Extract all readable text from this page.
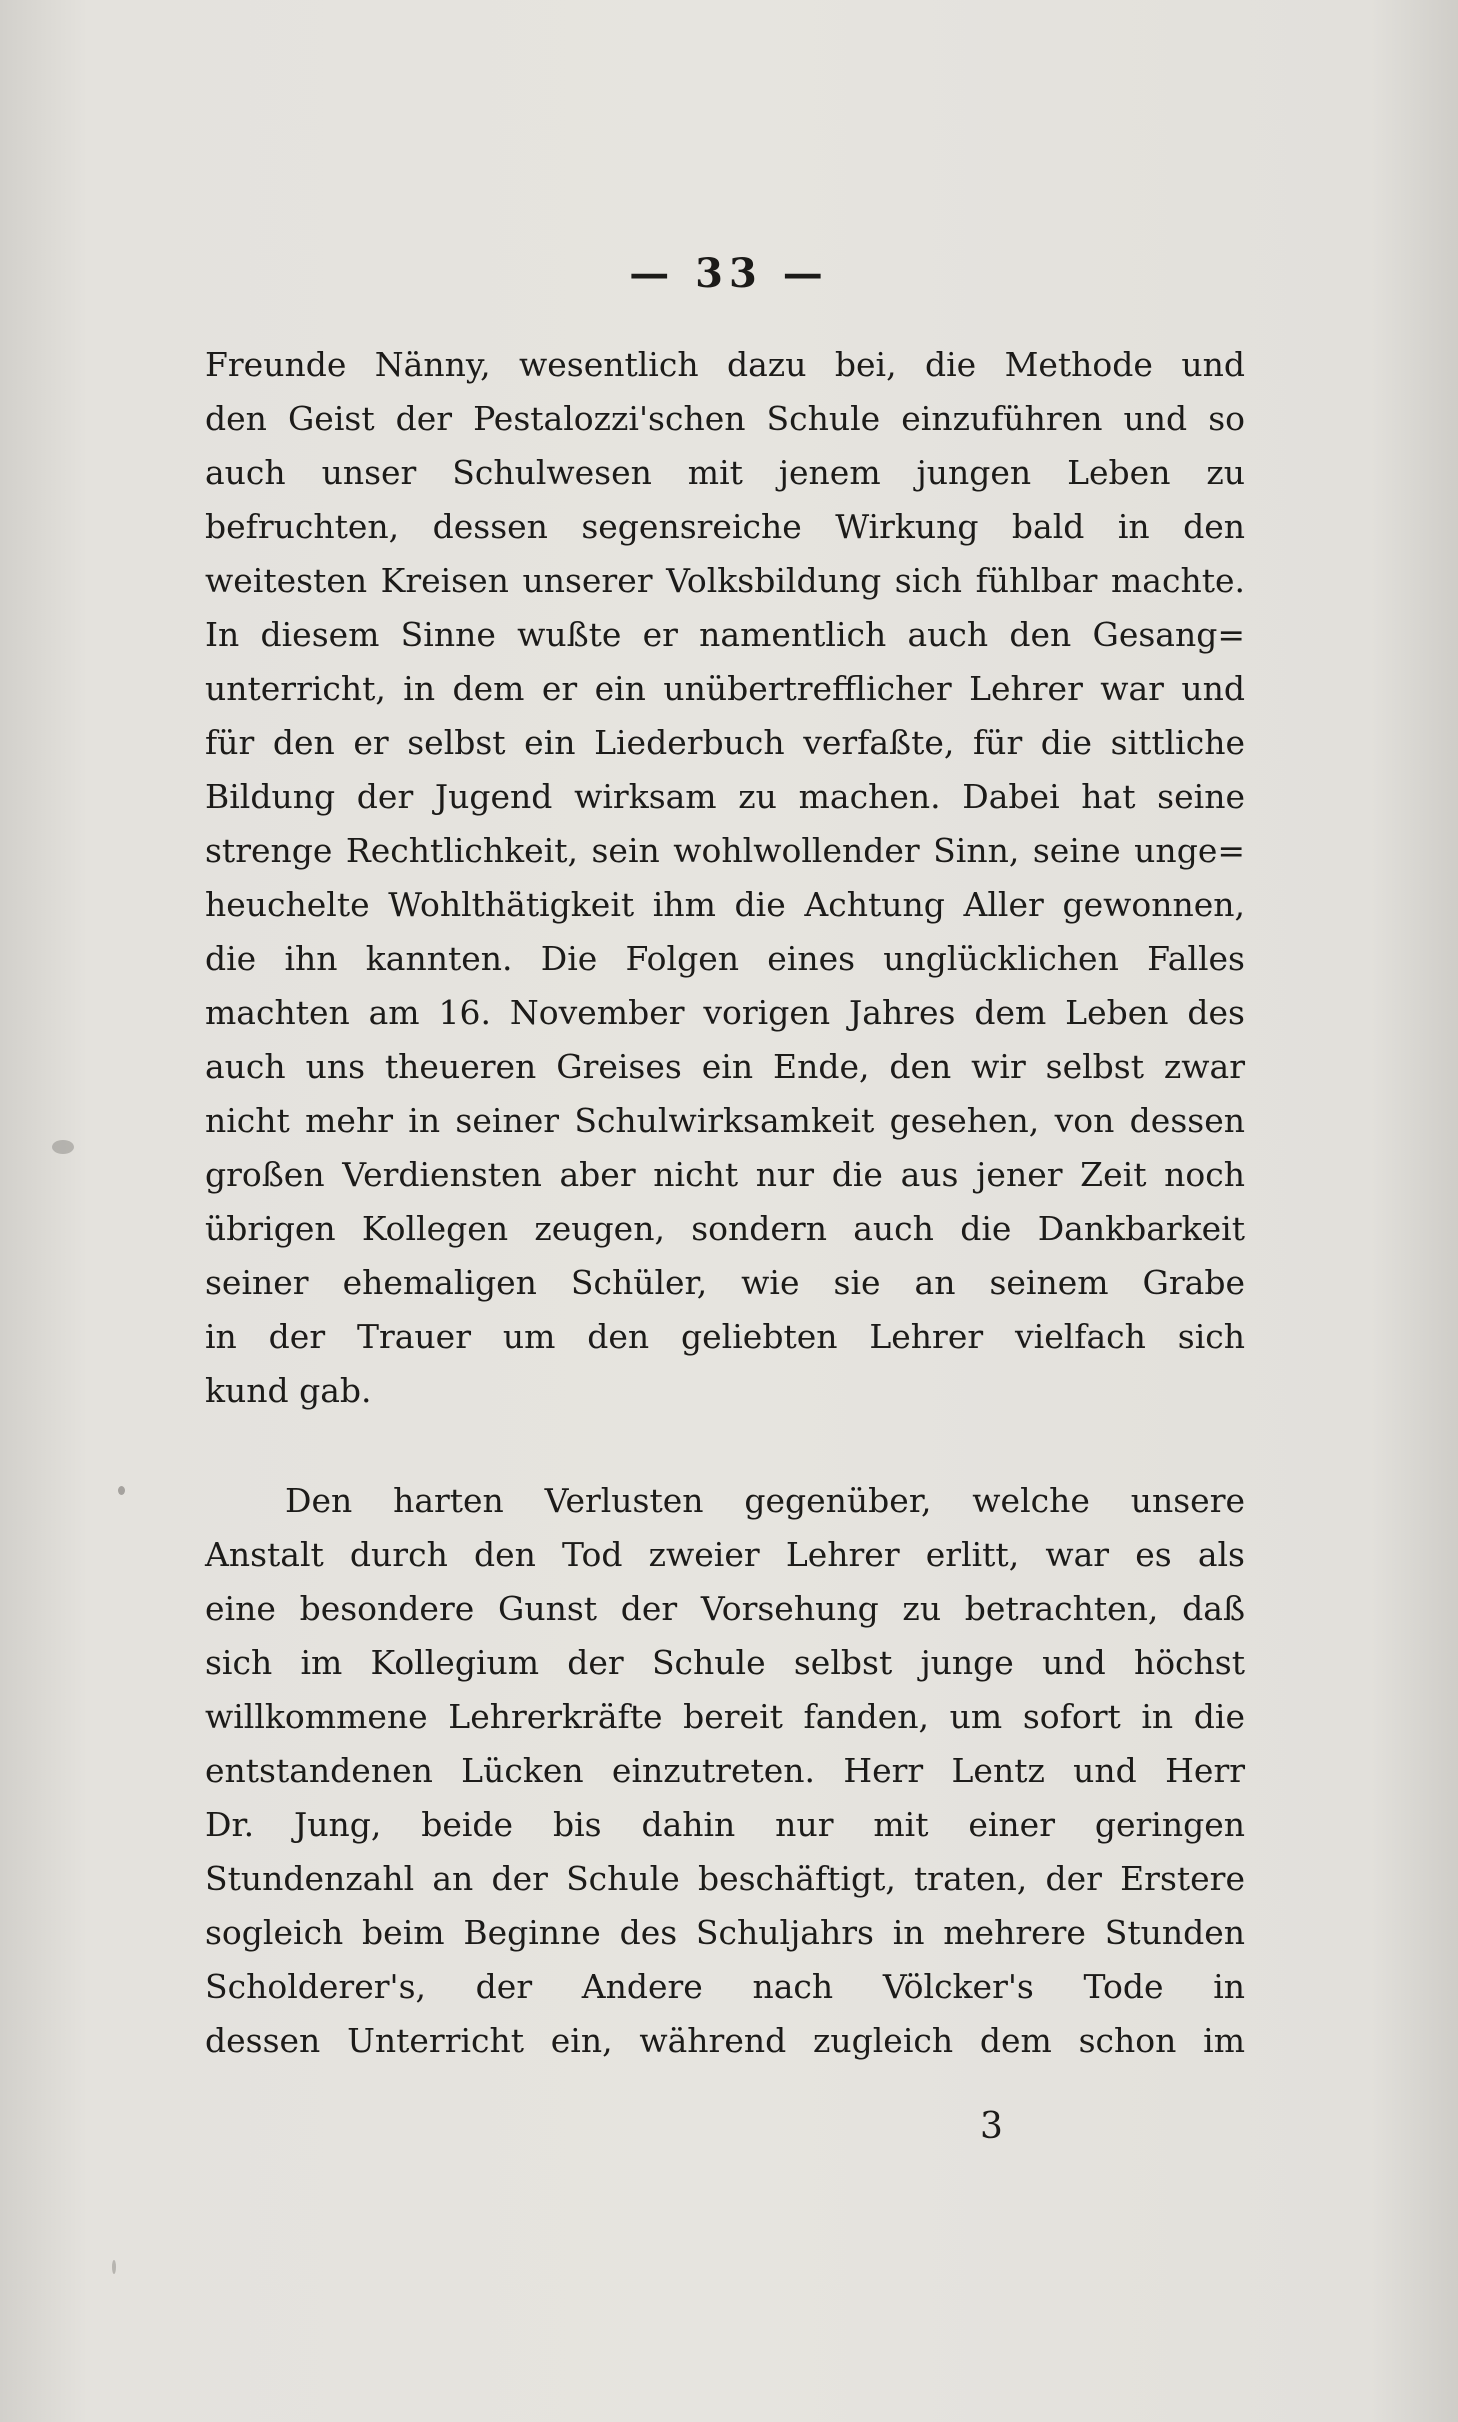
— 33 —
Freunde Nänny, wesentlich dazu bei, die Methode und
den Geist der Pestalozzi'schen Schule einzuführen und so
auch unser Schulwesen mit jenem jungen Leben zu
befruchten, dessen segensreiche Wirkung bald in den
weitesten Kreisen unserer Volksbildung sich fühlbar machte.
In diesem Sinne wußte er namentlich auch den Gesang=
unterricht, in dem er ein unübertrefflicher Lehrer war und
für den er selbst ein Liederbuch verfaßte, für die sittliche
Bildung der Jugend wirksam zu machen. Dabei hat seine
strenge Rechtlichkeit, sein wohlwollender Sinn, seine unge=
heuchelte Wohlthätigkeit ihm die Achtung Aller gewonnen,
die ihn kannten. Die Folgen eines unglücklichen Falles
machten am 16. November vorigen Jahres dem Leben des
auch uns theueren Greises ein Ende, den wir selbst zwar
nicht mehr in seiner Schulwirksamkeit gesehen, von dessen
großen Verdiensten aber nicht nur die aus jener Zeit noch
übrigen Kollegen zeugen, sondern auch die Dankbarkeit
seiner ehemaligen Schüler, wie sie an seinem Grabe
in der Trauer um den geliebten Lehrer vielfach sich
kund gab.
Den harten Verlusten gegenüber, welche unsere
Anstalt durch den Tod zweier Lehrer erlitt, war es als
eine besondere Gunst der Vorsehung zu betrachten, daß
sich im Kollegium der Schule selbst junge und höchst
willkommene Lehrerkräfte bereit fanden, um sofort in die
entstandenen Lücken einzutreten. Herr Lentz und Herr
Dr. Jung, beide bis dahin nur mit einer geringen
Stundenzahl an der Schule beschäftigt, traten, der Erstere
sogleich beim Beginne des Schuljahrs in mehrere Stunden
Scholderer's, der Andere nach Völcker's Tode in
dessen Unterricht ein, während zugleich dem schon im
3
